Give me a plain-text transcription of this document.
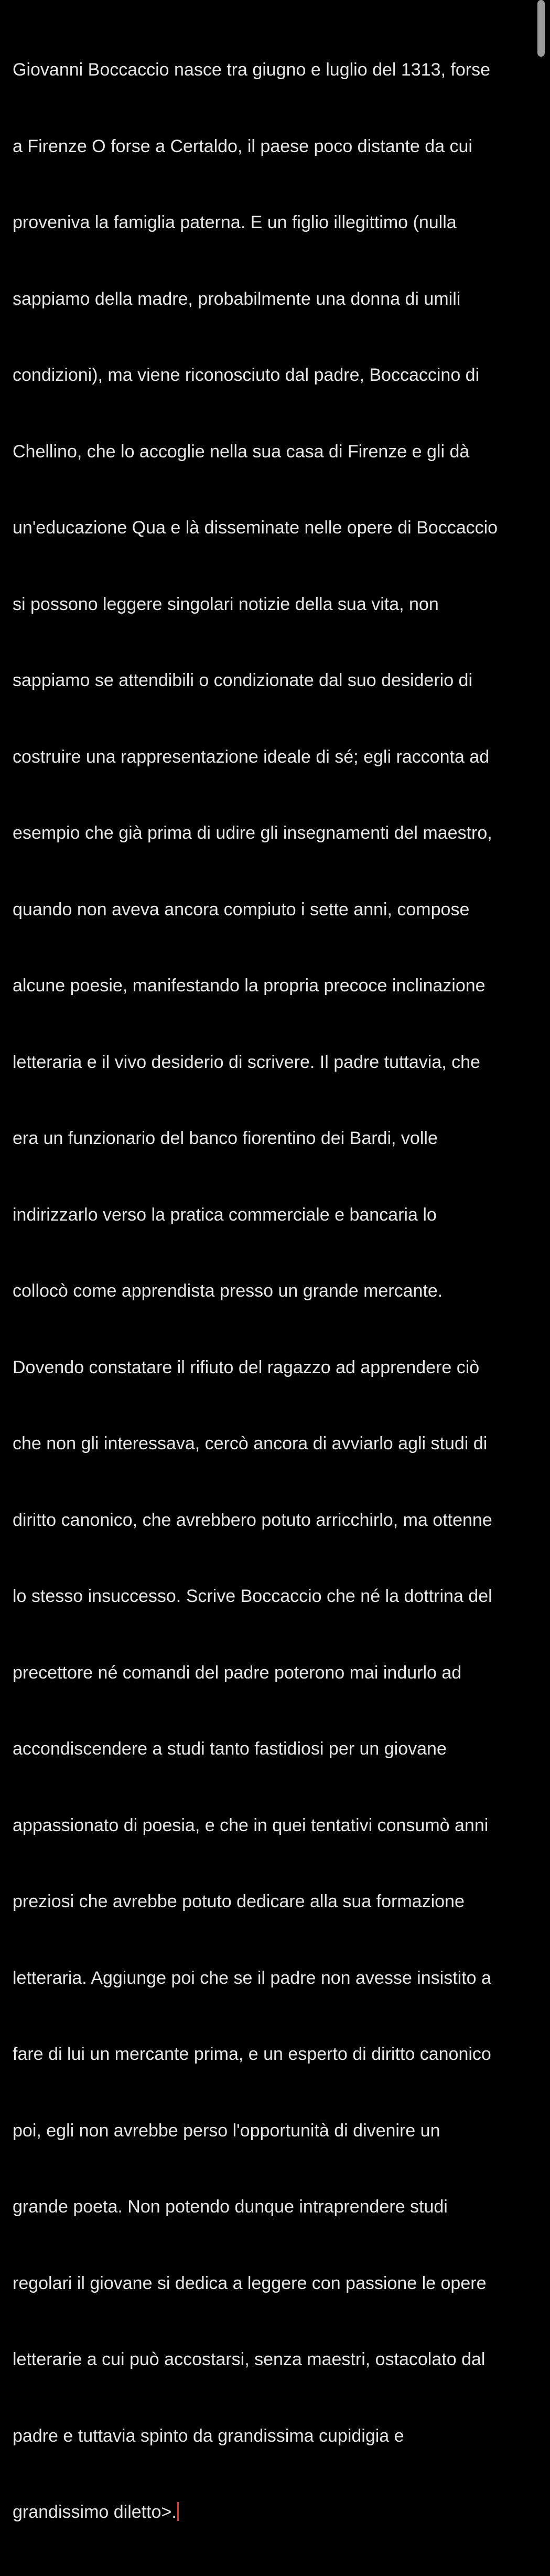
Giovanni Boccaccio nasce tra giugno e luglio del 1313, forse

a Firenze O forse a Certaldo, il paese poco distante da cui

proveniva la famiglia paterna. E un figlio illegittimo (nulla

sappiamo della madre, probabilmente una donna di umili

condizioni), ma viene riconosciuto dal padre, Boccaccino di

Chellino, che lo accoglie nella sua casa di Firenze e gli dà

un'educazione Qua e là disseminate nelle opere di Boccaccio

si possono leggere singolari notizie della sua vita, non

sappiamo se attendibili o condizionate dal suo desiderio di

costruire una rappresentazione ideale di sé; egli racconta ad

esempio che già prima di udire gli insegnamenti del maestro,

quando non aveva ancora compiuto i sette anni, compose

alcune poesie, manifestando la propria precoce inclinazione

letteraria e il vivo desiderio di scrivere. Il padre tuttavia, che

era un funzionario del banco fiorentino dei Bardi, volle

indirizzarlo verso la pratica commerciale e bancaria lo

collocò come apprendista presso un grande mercante.

Dovendo constatare il rifiuto del ragazzo ad apprendere ciò

che non gli interessava, cercò ancora di avviarlo agli studi di

diritto canonico, che avrebbero potuto arricchirlo, ma ottenne

lo stesso insuccesso. Scrive Boccaccio che né la dottrina del

precettore né comandi del padre poterono mai indurlo ad

accondiscendere a studi tanto fastidiosi per un giovane

appassionato di poesia, e che in quei tentativi consumò anni

preziosi che avrebbe potuto dedicare alla sua formazione

letteraria. Aggiunge poi che se il padre non avesse insistito a

fare di lui un mercante prima, e un esperto di diritto canonico

poi, egli non avrebbe perso l'opportunità di divenire un

grande poeta. Non potendo dunque intraprendere studi

regolari il giovane si dedica a leggere con passione le opere

letterarie a cui può accostarsi, senza maestri, ostacolato dal

padre e tuttavia spinto da grandissima cupidigia e

grandissimo diletto>.
